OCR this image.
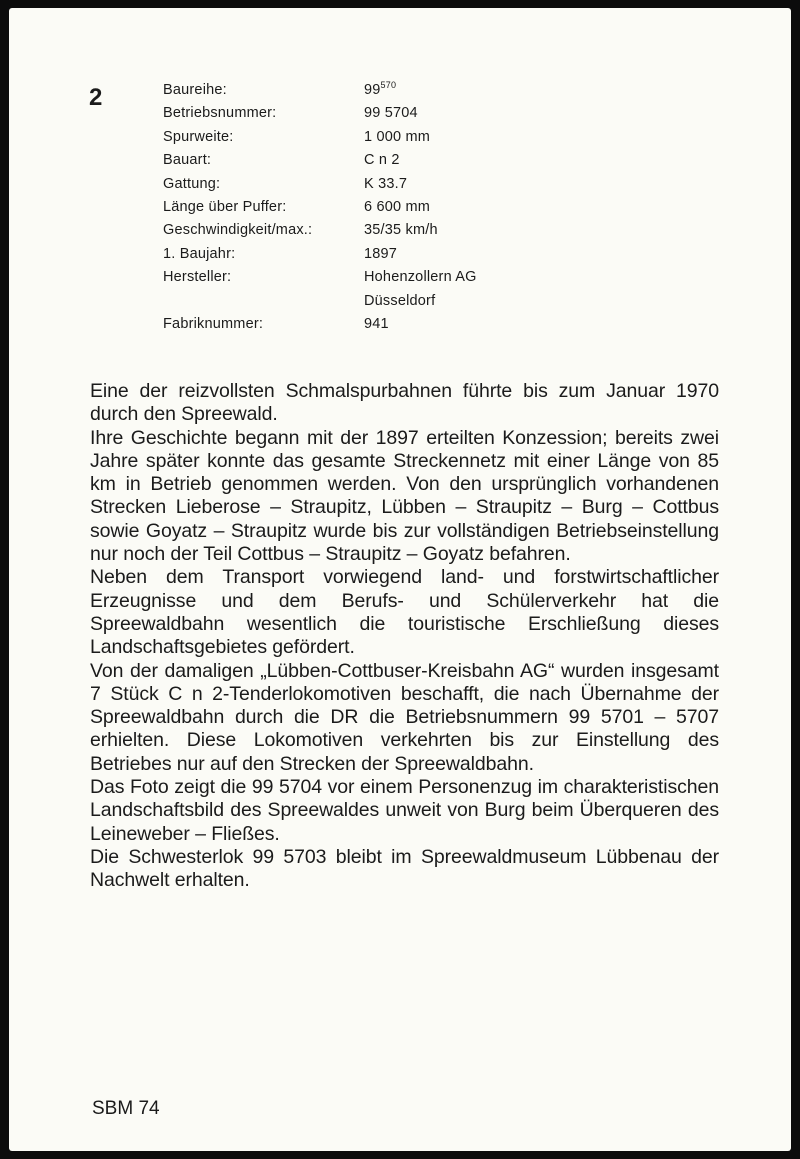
2	Baureihe:	$99^{570}$
Betriebsnummer:	99 5704
Spurweite:	1 000 mm
Bauart:	C n 2
Gattung:	K 33.7
Länge über Puffer:	6 600 mm
Geschwindigkeit/max.:	35/35 km/h
1. Baujahr:	1897
Hersteller:	Hohenzollern AG
Düsseldorf
Fabriknummer:	941

Eine der reizvollsten Schmalspurbahnen führte bis zum Januar 1970 durch den Spreewald.

Ihre Geschichte begann mit der 1897 erteilten Konzession; bereits zwei Jahre später konnte das gesamte Streckennetz mit einer Länge von 85 km in Betrieb genommen werden. Von den ursprünglich vorhandenen Strecken Lieberose – Straupitz, Lübben – Straupitz – Burg – Cottbus sowie Goyatz – Straupitz wurde bis zur vollständigen Betriebseinstellung nur noch der Teil Cottbus – Straupitz – Goyatz befahren.

Neben dem Transport vorwiegend land- und forstwirtschaftlicher Erzeugnisse und dem Berufs- und Schülerverkehr hat die Spreewaldbahn wesentlich die touristische Erschließung dieses Landschaftsgebietes gefördert.

Von der damaligen „Lübben-Cottbuser-Kreisbahn AG“ wurden insgesamt 7 Stück C n 2-Tenderlokomotiven beschafft, die nach Übernahme der Spreewaldbahn durch die DR die Betriebsnummern 99 5701 – 5707 erhielten. Diese Lokomotiven verkehrten bis zur Einstellung des Betriebes nur auf den Strecken der Spreewaldbahn.

Das Foto zeigt die 99 5704 vor einem Personenzug im charakteristischen Landschaftsbild des Spreewaldes unweit von Burg beim Überqueren des Leineweber – Fließes.

Die Schwesterlok 99 5703 bleibt im Spreewaldmuseum Lübbenau der Nachwelt erhalten.

SBM 74
